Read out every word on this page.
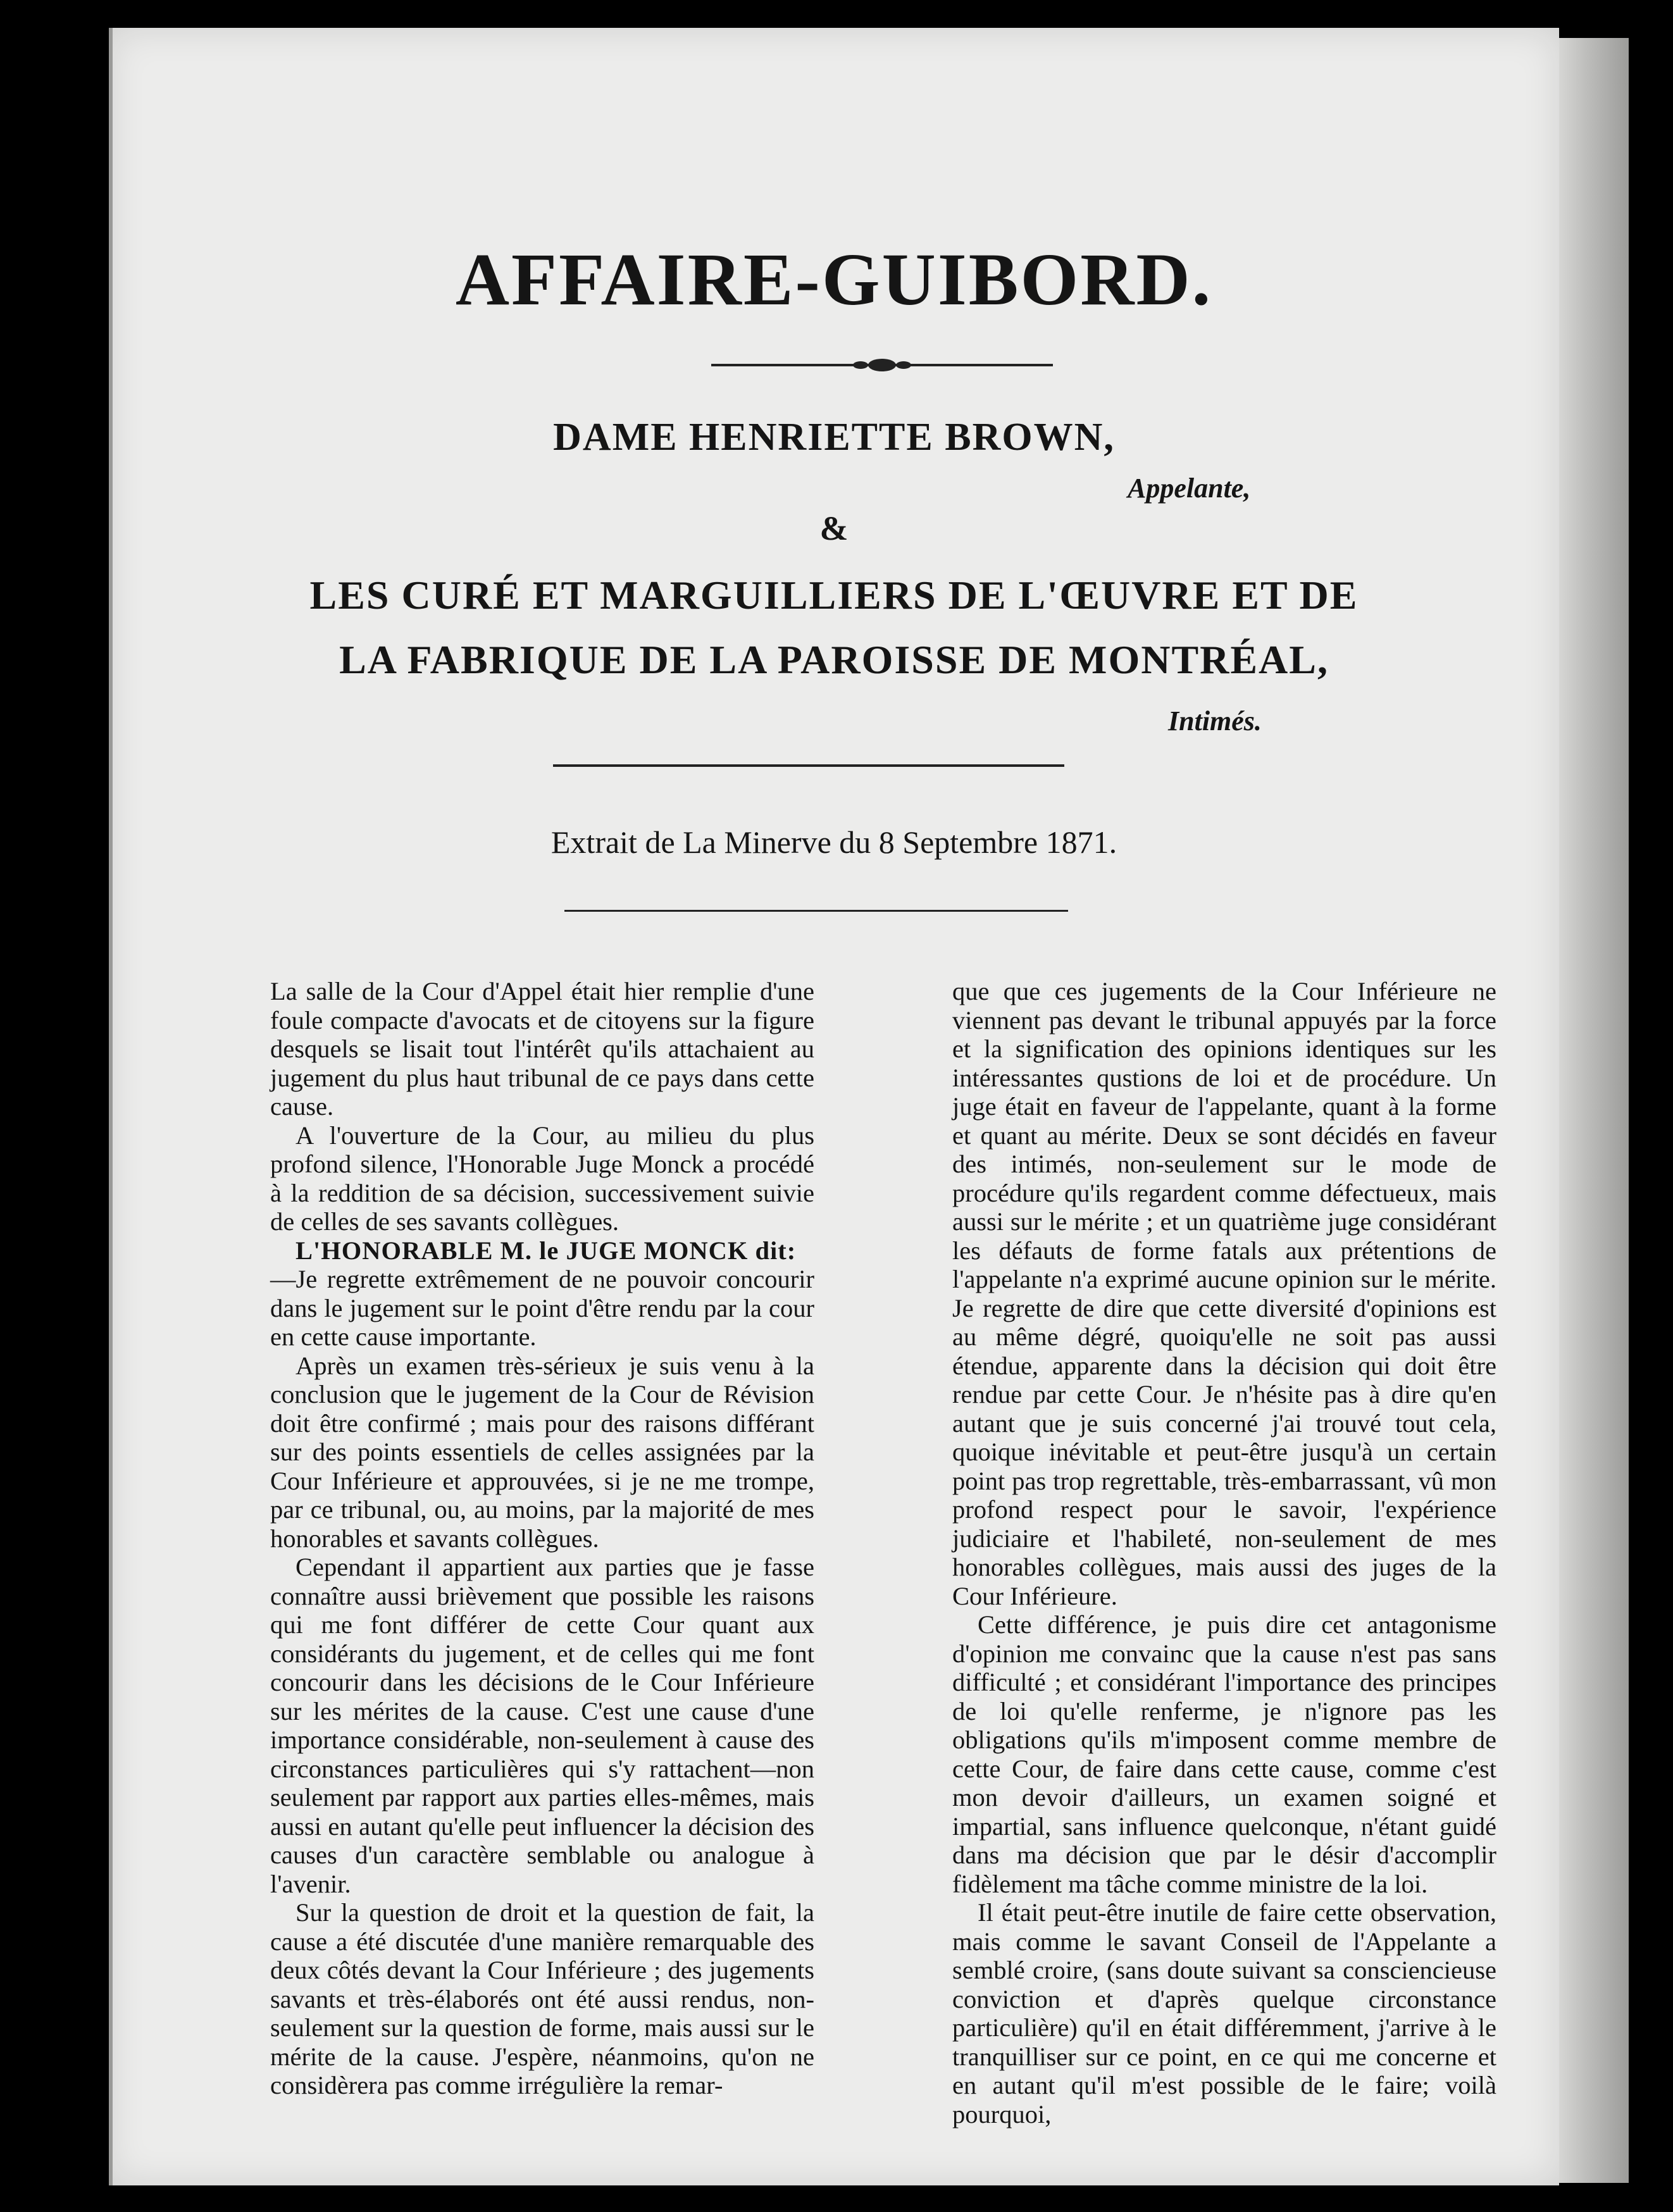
AFFAIRE-GUIBORD.
DAME HENRIETTE BROWN,
Appelante,
&
LES CURÉ ET MARGUILLIERS DE L'ŒUVRE ET DE
LA FABRIQUE DE LA PAROISSE DE MONTRÉAL,
Intimés.
Extrait de La Minerve du 8 Septembre 1871.

La salle de la Cour d'Appel était hier remplie d'une foule compacte d'avocats et de citoyens sur la figure desquels se lisait tout l'intérêt qu'ils attachaient au jugement du plus haut tribunal de ce pays dans cette cause.

A l'ouverture de la Cour, au milieu du plus profond silence, l'Honorable Juge Monck a procédé à la reddition de sa décision, successivement suivie de celles de ses savants collègues.

L'HONORABLE M. le JUGE MONCK dit:
—Je regrette extrêmement de ne pouvoir concourir dans le jugement sur le point d'être rendu par la cour en cette cause importante.

Après un examen très-sérieux je suis venu à la conclusion que le jugement de la Cour de Révision doit être confirmé ; mais pour des raisons différant sur des points essentiels de celles assignées par la Cour Inférieure et approuvées, si je ne me trompe, par ce tribunal, ou, au moins, par la majorité de mes honorables et savants collègues.

Cependant il appartient aux parties que je fasse connaître aussi brièvement que possible les raisons qui me font différer de cette Cour quant aux considérants du jugement, et de celles qui me font concourir dans les décisions de le Cour Inférieure sur les mérites de la cause. C'est une cause d'une importance considérable, non-seulement à cause des circonstances particulières qui s'y rattachent—non seulement par rapport aux parties elles-mêmes, mais aussi en autant qu'elle peut influencer la décision des causes d'un caractère semblable ou analogue à l'avenir.

Sur la question de droit et la question de fait, la cause a été discutée d'une manière remarquable des deux côtés devant la Cour Inférieure ; des jugements savants et très-élaborés ont été aussi rendus, non-seulement sur la question de forme, mais aussi sur le mérite de la cause. J'espère, néanmoins, qu'on ne considèrera pas comme irrégulière la remar-

que que ces jugements de la Cour Inférieure ne viennent pas devant le tribunal appuyés par la force et la signification des opinions identiques sur les intéressantes qustions de loi et de procédure. Un juge était en faveur de l'appelante, quant à la forme et quant au mérite. Deux se sont décidés en faveur des intimés, non-seulement sur le mode de procédure qu'ils regardent comme défectueux, mais aussi sur le mérite ; et un quatrième juge considérant les défauts de forme fatals aux prétentions de l'appelante n'a exprimé aucune opinion sur le mérite. Je regrette de dire que cette diversité d'opinions est au même dégré, quoiqu'elle ne soit pas aussi étendue, apparente dans la décision qui doit être rendue par cette Cour. Je n'hésite pas à dire qu'en autant que je suis concerné j'ai trouvé tout cela, quoique inévitable et peut-être jusqu'à un certain point pas trop regrettable, très-embarrassant, vû mon profond respect pour le savoir, l'expérience judiciaire et l'habileté, non-seulement de mes honorables collègues, mais aussi des juges de la Cour Inférieure.

Cette différence, je puis dire cet antagonisme d'opinion me convainc que la cause n'est pas sans difficulté ; et considérant l'importance des principes de loi qu'elle renferme, je n'ignore pas les obligations qu'ils m'imposent comme membre de cette Cour, de faire dans cette cause, comme c'est mon devoir d'ailleurs, un examen soigné et impartial, sans influence quelconque, n'étant guidé dans ma décision que par le désir d'accomplir fidèlement ma tâche comme ministre de la loi.

Il était peut-être inutile de faire cette observation, mais comme le savant Conseil de l'Appelante a semblé croire, (sans doute suivant sa consciencieuse conviction et d'après quelque circonstance particulière) qu'il en était différemment, j'arrive à le tranquilliser sur ce point, en ce qui me concerne et en autant qu'il m'est possible de le faire; voilà pourquoi,
